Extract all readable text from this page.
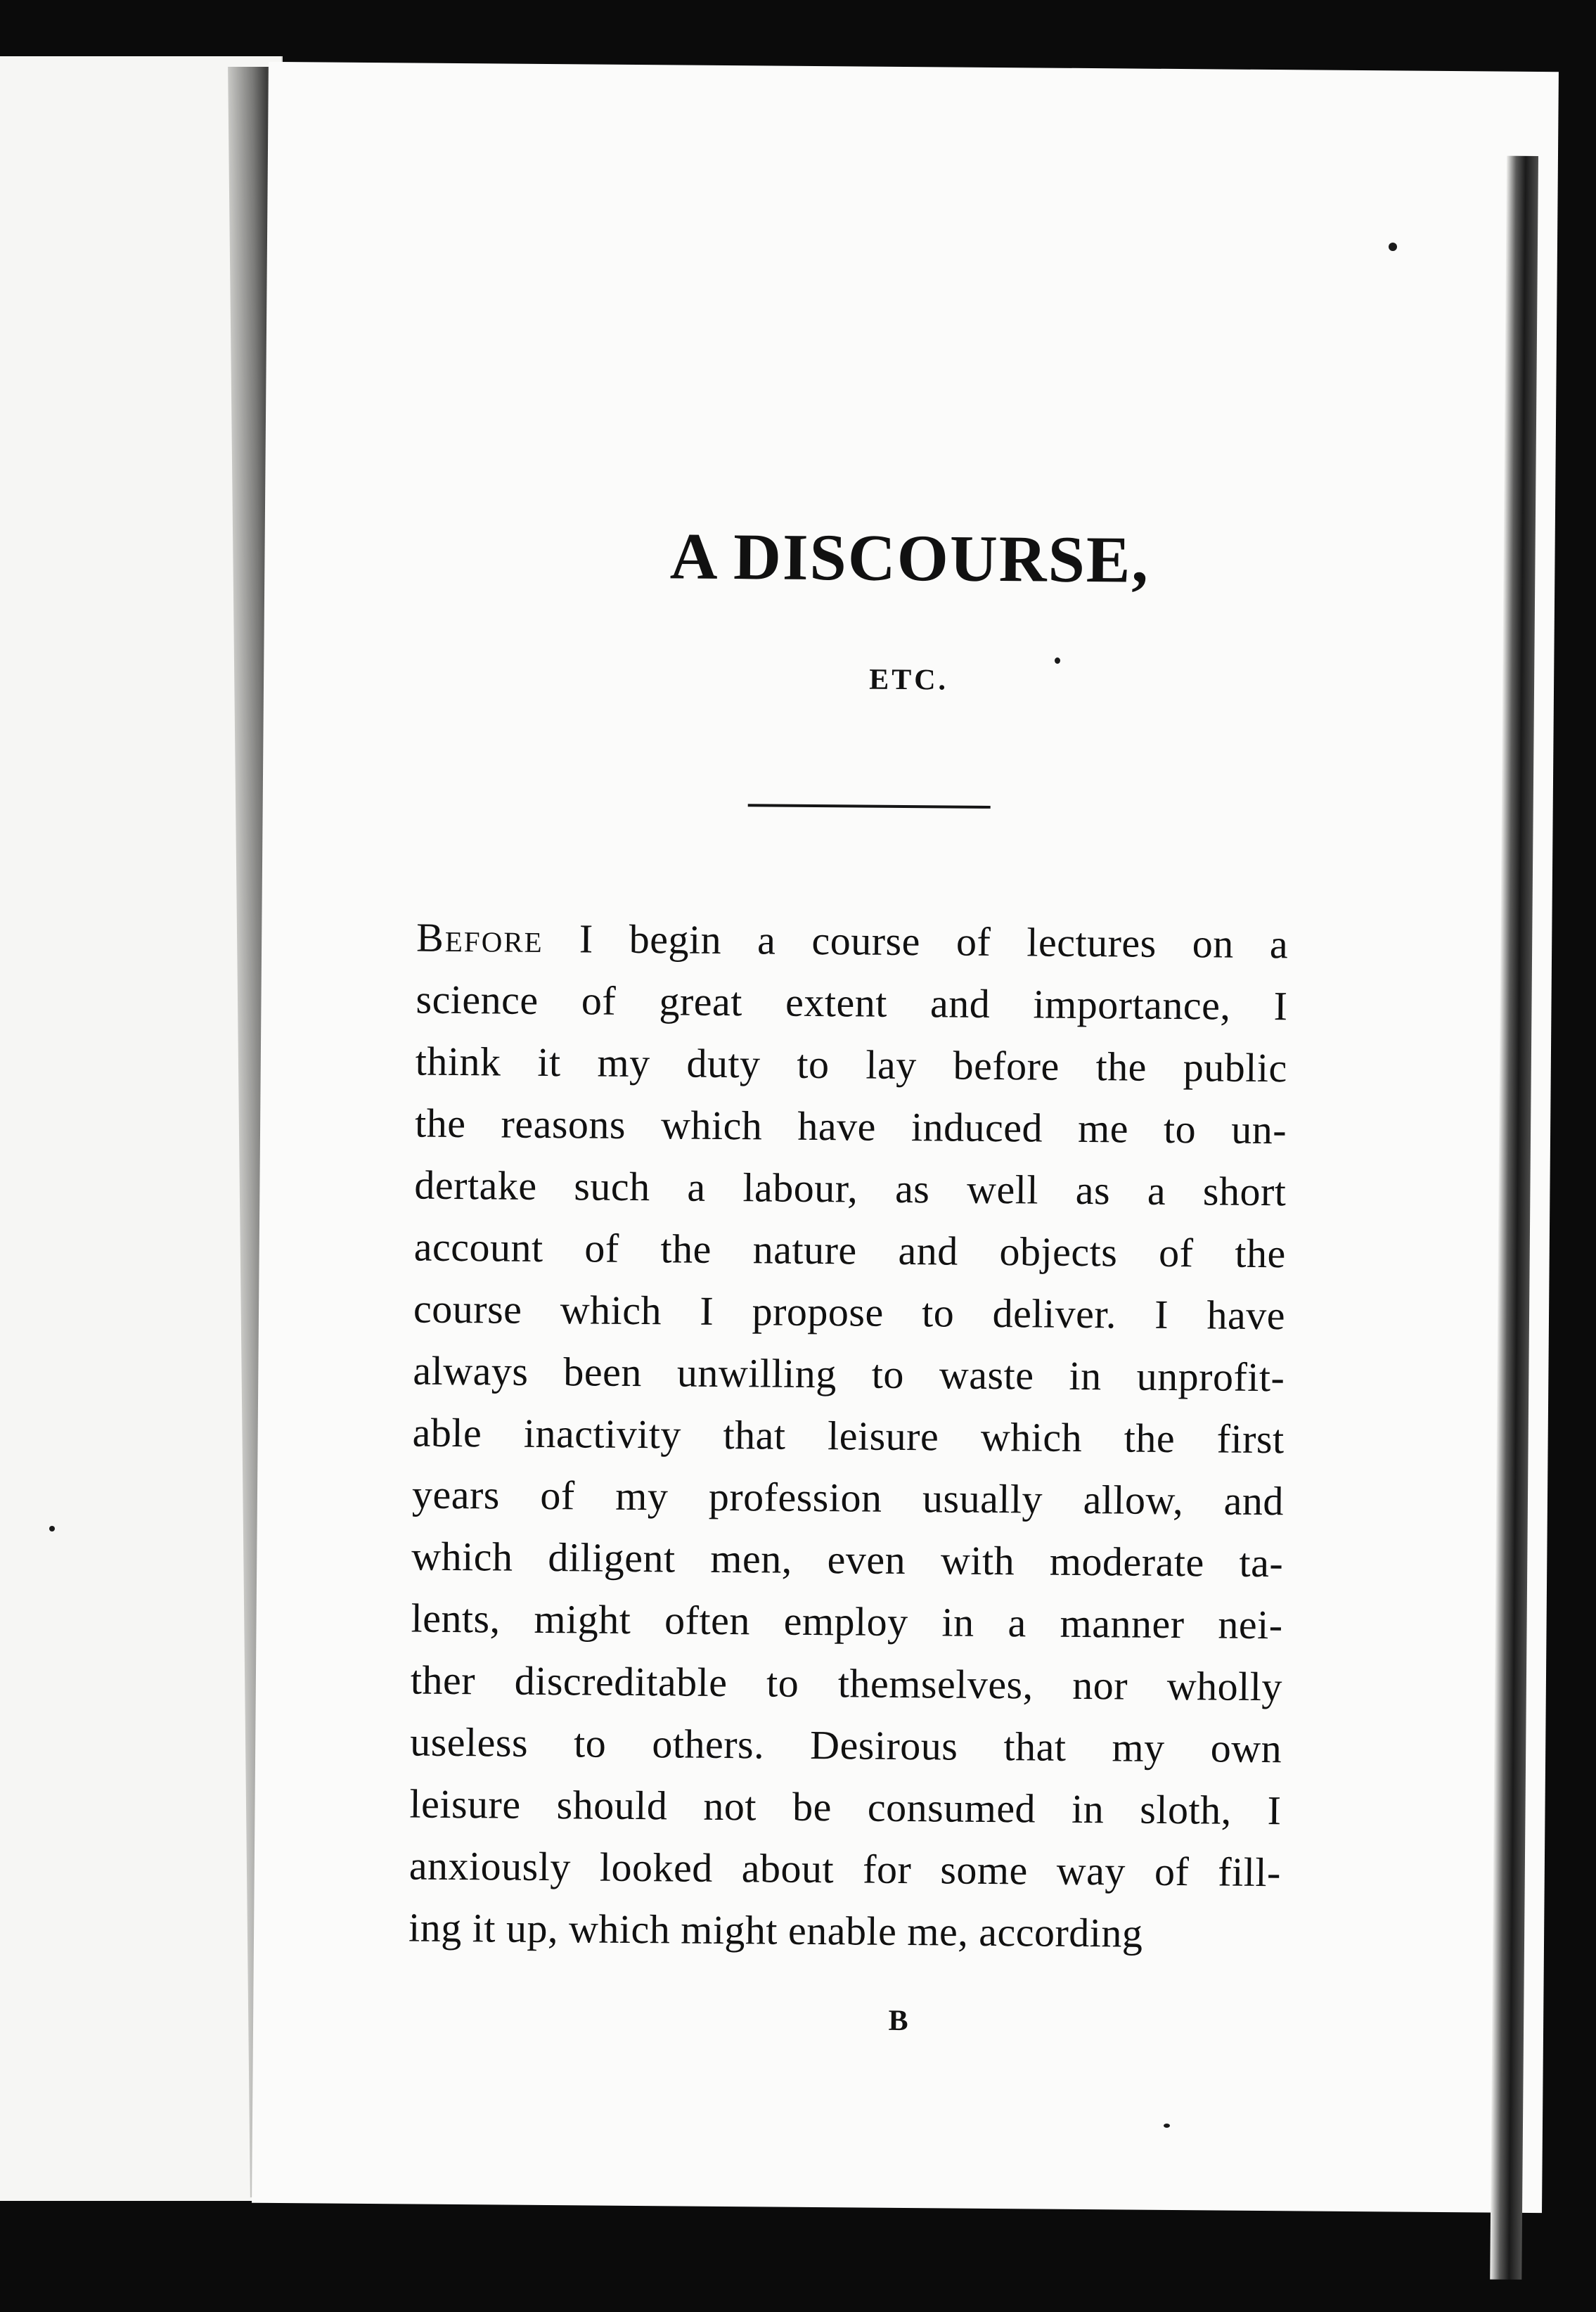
A DISCOURSE,
ETC.

Before I begin a course of lectures on a
science of great extent and importance, I
think it my duty to lay before the public
the reasons which have induced me to un-
dertake such a labour, as well as a short
account of the nature and objects of the
course which I propose to deliver. I have
always been unwilling to waste in unprofit-
able inactivity that leisure which the first
years of my profession usually allow, and
which diligent men, even with moderate ta-
lents, might often employ in a manner nei-
ther discreditable to themselves, nor wholly
useless to others. Desirous that my own
leisure should not be consumed in sloth, I
anxiously looked about for some way of fill-
ing it up, which might enable me, according

B
